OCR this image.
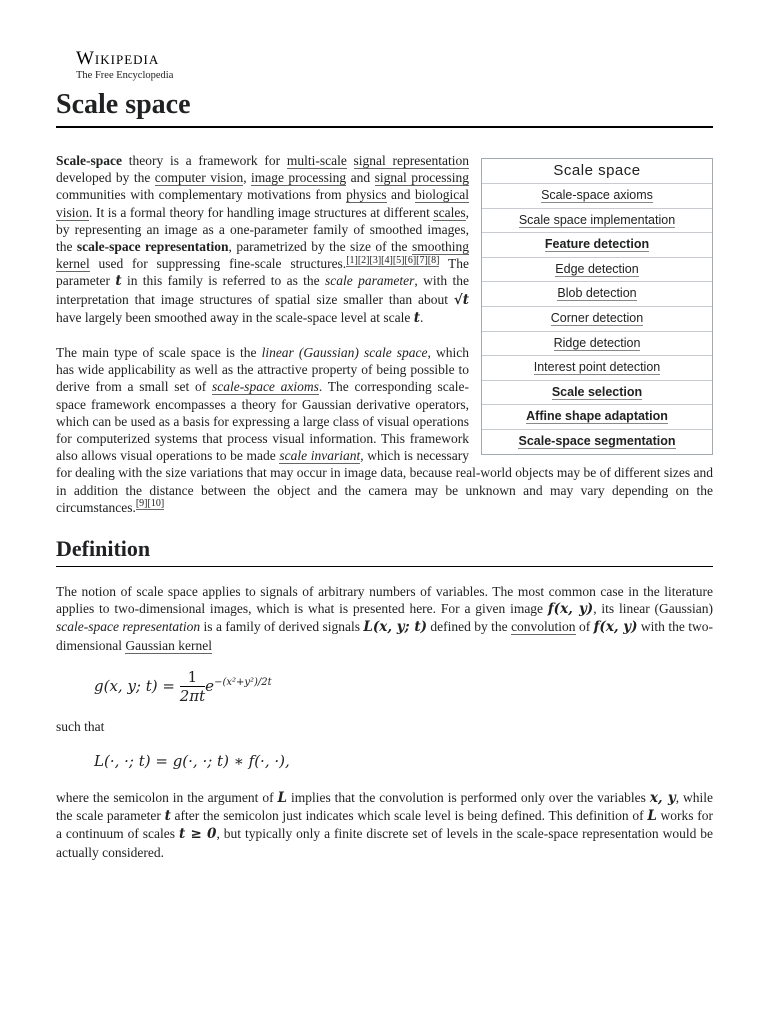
Wikipedia
The Free Encyclopedia
Scale space
Scale space
Scale-space axioms
Scale space implementation
Feature detection
Edge detection
Blob detection
Corner detection
Ridge detection
Interest point detection
Scale selection
Affine shape adaptation
Scale-space segmentation

Scale-space theory is a framework for multi-scale signal representation developed by the computer vision, image processing and signal processing communities with complementary motivations from physics and biological vision. It is a formal theory for handling image structures at different scales, by representing an image as a one-parameter family of smoothed images, the scale-space representation, parametrized by the size of the smoothing kernel used for suppressing fine-scale structures.[1][2][3][4][5][6][7][8] The parameter t in this family is referred to as the scale parameter, with the interpretation that image structures of spatial size smaller than about √t have largely been smoothed away in the scale-space level at scale t.

The main type of scale space is the linear (Gaussian) scale space, which has wide applicability as well as the attractive property of being possible to derive from a small set of scale-space axioms. The corresponding scale-space framework encompasses a theory for Gaussian derivative operators, which can be used as a basis for expressing a large class of visual operations for computerized systems that process visual information. This framework also allows visual operations to be made scale invariant, which is necessary for dealing with the size variations that may occur in image data, because real-world objects may be of different sizes and in addition the distance between the object and the camera may be unknown and may vary depending on the circumstances.[9][10]

Definition

The notion of scale space applies to signals of arbitrary numbers of variables. The most common case in the literature applies to two-dimensional images, which is what is presented here. For a given image f(x, y), its linear (Gaussian) scale-space representation is a family of derived signals L(x, y; t) defined by the convolution of f(x, y) with the two-dimensional Gaussian kernel

g(x, y; $t) = \frac{1}{2\pi t} e^{-(x^2+y^2)/2t}$

such that

L(·, ·; t) = g(·, ·; t) ∗ f(·, ·),

where the semicolon in the argument of L implies that the convolution is performed only over the variables x, y, while the scale parameter t after the semicolon just indicates which scale level is being defined. This definition of L works for a continuum of scales t ≥ 0, but typically only a finite discrete set of levels in the scale-space representation would be actually considered.
